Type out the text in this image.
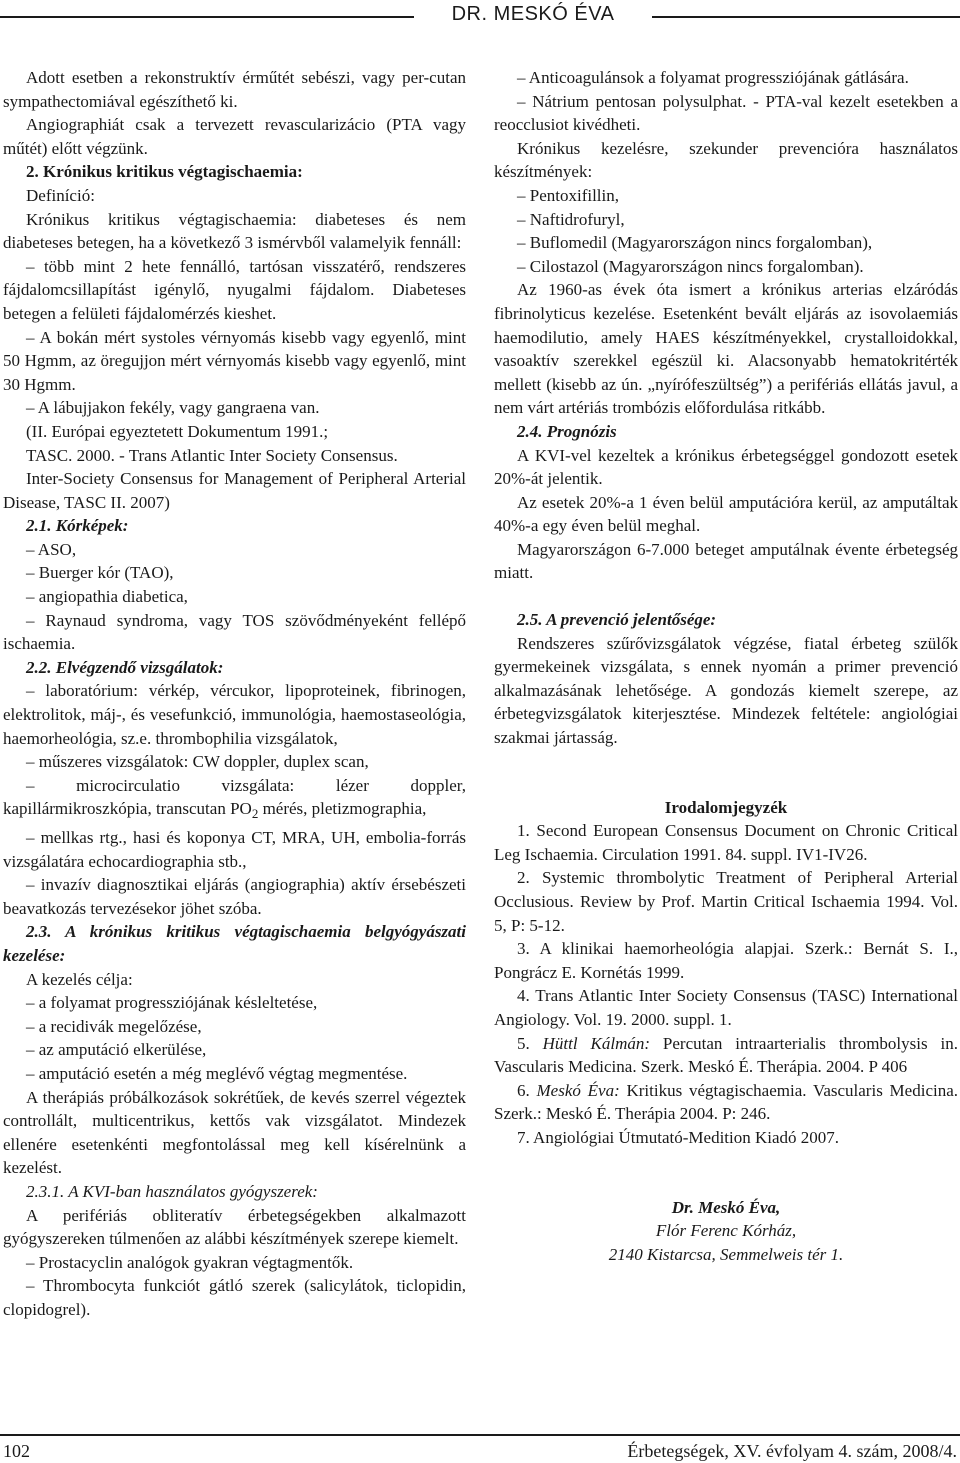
DR. MESKÓ ÉVA

Adott esetben a rekonstruktív érműtét sebészi, vagy per-cutan sympathectomiával egészíthető ki.

Angiographiát csak a tervezett revascularizácio (PTA vagy műtét) előtt végzünk.

2. Krónikus kritikus végtagischaemia:

Definíció:

Krónikus kritikus végtagischaemia: diabeteses és nem diabeteses betegen, ha a következő 3 ismérvből valamelyik fennáll:

– több mint 2 hete fennálló, tartósan visszatérő, rendszeres fájdalomcsillapítást igénylő, nyugalmi fájdalom. Diabeteses betegen a felületi fájdalomérzés kieshet.

– A bokán mért systoles vérnyomás kisebb vagy egyenlő, mint 50 Hgmm, az öregujjon mért vérnyomás kisebb vagy egyenlő, mint 30 Hgmm.

– A lábujjakon fekély, vagy gangraena van.

(II. Európai egyeztetett Dokumentum 1991.;

TASC. 2000. - Trans Atlantic Inter Society Consensus.

Inter-Society Consensus for Management of Peripheral Arterial Disease, TASC II. 2007)

2.1. Kórképek:

– ASO,

– Buerger kór (TAO),

– angiopathia diabetica,

– Raynaud syndroma, vagy TOS szövődményeként fellépő ischaemia.

2.2. Elvégzendő vizsgálatok:

– laboratórium: vérkép, vércukor, lipoproteinek, fibrinogen, elektrolitok, máj-, és vesefunkció, immunológia, haemostaseológia, haemorheológia, sz.e. thrombophilia vizsgálatok,

– műszeres vizsgálatok: CW doppler, duplex scan,

– microcirculatio vizsgálata: lézer doppler, kapillármikroszkópia, transcutan $PO_2$ mérés, pletizmographia,

– mellkas rtg., hasi és koponya CT, MRA, UH, embolia-forrás vizsgálatára echocardiographia stb.,

– invazív diagnosztikai eljárás (angiographia) aktív érsebészeti beavatkozás tervezésekor jöhet szóba.

2.3. A krónikus kritikus végtagischaemia belgyógyászati kezelése:

A kezelés célja:

– a folyamat progressziójának késleltetése,

– a recidivák megelőzése,

– az amputáció elkerülése,

– amputáció esetén a még meglévő végtag megmentése.

A therápiás próbálkozások sokrétűek, de kevés szerrel végeztek controllált, multicentrikus, kettős vak vizsgálatot. Mindezek ellenére esetenkénti megfontolással meg kell kísérelnünk a kezelést.

2.3.1. A KVI-ban használatos gyógyszerek:

A perifériás obliteratív érbetegségekben alkalmazott gyógyszereken túlmenően az alábbi készítmények szerepe kiemelt.

– Prostacyclin analógok gyakran végtagmentők.

– Thrombocyta funkciót gátló szerek (salicylátok, ticlopidin, clopidogrel).

– Anticoagulánsok a folyamat progressziójának gátlására.

– Nátrium pentosan polysulphat. - PTA-val kezelt esetekben a reocclusiot kivédheti.

Krónikus kezelésre, szekunder prevencióra használatos készítmények:

– Pentoxifillin,

– Naftidrofuryl,

– Buflomedil (Magyarországon nincs forgalomban),

– Cilostazol (Magyarországon nincs forgalomban).

Az 1960-as évek óta ismert a krónikus arterias elzáródás fibrinolyticus kezelése. Esetenként bevált eljárás az isovolaemiás haemodilutio, amely HAES készítményekkel, crystalloidokkal, vasoaktív szerekkel egészül ki. Alacsonyabb hematokritérték mellett (kisebb az ún. „nyírófeszültség”) a perifériás ellátás javul, a nem várt artériás trombózis előfordulása ritkább.

2.4. Prognózis

A KVI-vel kezeltek a krónikus érbetegséggel gondozott esetek 20%-át jelentik.

Az esetek 20%-a 1 éven belül amputációra kerül, az amputáltak 40%-a egy éven belül meghal.

Magyarországon 6-7.000 beteget amputálnak évente érbetegség miatt.

2.5. A prevenció jelentősége:

Rendszeres szűrővizsgálatok végzése, fiatal érbeteg szülők gyermekeinek vizsgálata, s ennek nyomán a primer prevenció alkalmazásának lehetősége. A gondozás kiemelt szerepe, az érbetegvizsgálatok kiterjesztése. Mindezek feltétele: angiológiai szakmai jártasság.

Irodalomjegyzék

1. Second European Consensus Document on Chronic Critical Leg Ischaemia. Circulation 1991. 84. suppl. IV1-IV26.

2. Systemic thrombolytic Treatment of Peripheral Arterial Occlusious. Review by Prof. Martin Critical Ischaemia 1994. Vol. 5, P: 5-12.

3. A klinikai haemorheológia alapjai. Szerk.: Bernát S. I., Pongrácz E. Kornétás 1999.

4. Trans Atlantic Inter Society Consensus (TASC) International Angiology. Vol. 19. 2000. suppl. 1.

5. Hüttl Kálmán: Percutan intraarterialis thrombolysis in. Vascularis Medicina. Szerk. Meskó É. Therápia. 2004. P 406

6. Meskó Éva: Kritikus végtagischaemia. Vascularis Medicina. Szerk.: Meskó É. Therápia 2004. P: 246.

7. Angiológiai Útmutató-Medition Kiadó 2007.

Dr. Meskó Éva,

Flór Ferenc Kórház,

2140 Kistarcsa, Semmelweis tér 1.

102	Érbetegségek, XV. évfolyam 4. szám, 2008/4.
